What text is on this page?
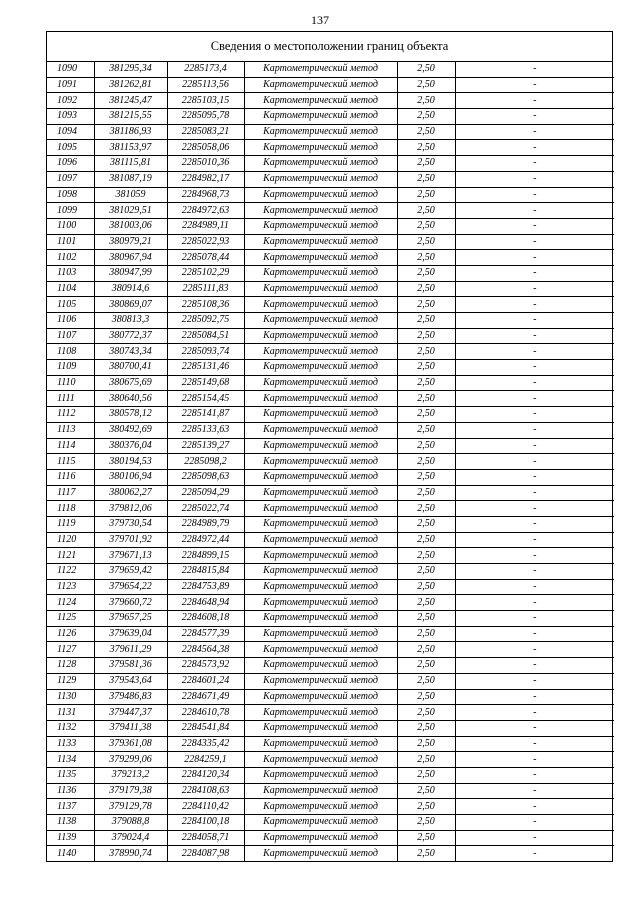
137
Сведения о местоположении границ объекта
1090	381295,34	2285173,4	Картометрический метод	2,50	-
1091	381262,81	2285113,56	Картометрический метод	2,50	-
1092	381245,47	2285103,15	Картометрический метод	2,50	-
1093	381215,55	2285095,78	Картометрический метод	2,50	-
1094	381186,93	2285083,21	Картометрический метод	2,50	-
1095	381153,97	2285058,06	Картометрический метод	2,50	-
1096	381115,81	2285010,36	Картометрический метод	2,50	-
1097	381087,19	2284982,17	Картометрический метод	2,50	-
1098	381059	2284968,73	Картометрический метод	2,50	-
1099	381029,51	2284972,63	Картометрический метод	2,50	-
1100	381003,06	2284989,11	Картометрический метод	2,50	-
1101	380979,21	2285022,93	Картометрический метод	2,50	-
1102	380967,94	2285078,44	Картометрический метод	2,50	-
1103	380947,99	2285102,29	Картометрический метод	2,50	-
1104	380914,6	2285111,83	Картометрический метод	2,50	-
1105	380869,07	2285108,36	Картометрический метод	2,50	-
1106	380813,3	2285092,75	Картометрический метод	2,50	-
1107	380772,37	2285084,51	Картометрический метод	2,50	-
1108	380743,34	2285093,74	Картометрический метод	2,50	-
1109	380700,41	2285131,46	Картометрический метод	2,50	-
1110	380675,69	2285149,68	Картометрический метод	2,50	-
1111	380640,56	2285154,45	Картометрический метод	2,50	-
1112	380578,12	2285141,87	Картометрический метод	2,50	-
1113	380492,69	2285133,63	Картометрический метод	2,50	-
1114	380376,04	2285139,27	Картометрический метод	2,50	-
1115	380194,53	2285098,2	Картометрический метод	2,50	-
1116	380106,94	2285098,63	Картометрический метод	2,50	-
1117	380062,27	2285094,29	Картометрический метод	2,50	-
1118	379812,06	2285022,74	Картометрический метод	2,50	-
1119	379730,54	2284989,79	Картометрический метод	2,50	-
1120	379701,92	2284972,44	Картометрический метод	2,50	-
1121	379671,13	2284899,15	Картометрический метод	2,50	-
1122	379659,42	2284815,84	Картометрический метод	2,50	-
1123	379654,22	2284753,89	Картометрический метод	2,50	-
1124	379660,72	2284648,94	Картометрический метод	2,50	-
1125	379657,25	2284608,18	Картометрический метод	2,50	-
1126	379639,04	2284577,39	Картометрический метод	2,50	-
1127	379611,29	2284564,38	Картометрический метод	2,50	-
1128	379581,36	2284573,92	Картометрический метод	2,50	-
1129	379543,64	2284601,24	Картометрический метод	2,50	-
1130	379486,83	2284671,49	Картометрический метод	2,50	-
1131	379447,37	2284610,78	Картометрический метод	2,50	-
1132	379411,38	2284541,84	Картометрический метод	2,50	-
1133	379361,08	2284335,42	Картометрический метод	2,50	-
1134	379299,06	2284259,1	Картометрический метод	2,50	-
1135	379213,2	2284120,34	Картометрический метод	2,50	-
1136	379179,38	2284108,63	Картометрический метод	2,50	-
1137	379129,78	2284110,42	Картометрический метод	2,50	-
1138	379088,8	2284100,18	Картометрический метод	2,50	-
1139	379024,4	2284058,71	Картометрический метод	2,50	-
1140	378990,74	2284087,98	Картометрический метод	2,50	-
